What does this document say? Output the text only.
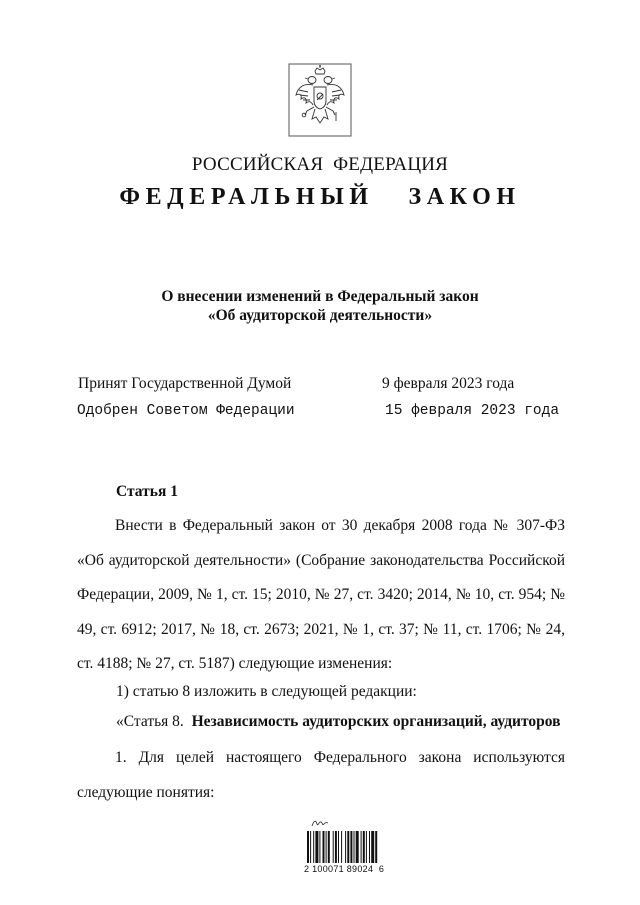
РОССИЙСКАЯ  ФЕДЕРАЦИЯ
ФЕДЕРАЛЬНЫЙ   ЗАКОН
О внесении изменений в Федеральный закон
«Об аудиторской деятельности»
Принят Государственной Думой	9 февраля 2023 года
Одобрен Советом Федерации	15 февраля 2023 года
Статья 1
Внести в Федеральный закон от 30 декабря 2008 года № 307-ФЗ «Об аудиторской деятельности» (Собрание законодательства Российской Федерации, 2009, № 1, ст. 15; 2010, № 27, ст. 3420; 2014, № 10, ст. 954; № 49, ст. 6912; 2017, № 18, ст. 2673; 2021, № 1, ст. 37; № 11, ст. 1706; № 24, ст. 4188; № 27, ст. 5187) следующие изменения:
1) статью 8 изложить в следующей редакции:
«Статья 8. Независимость аудиторских организаций, аудиторов
1. Для целей настоящего Федерального закона используются следующие понятия:
2 100071 89024  6
